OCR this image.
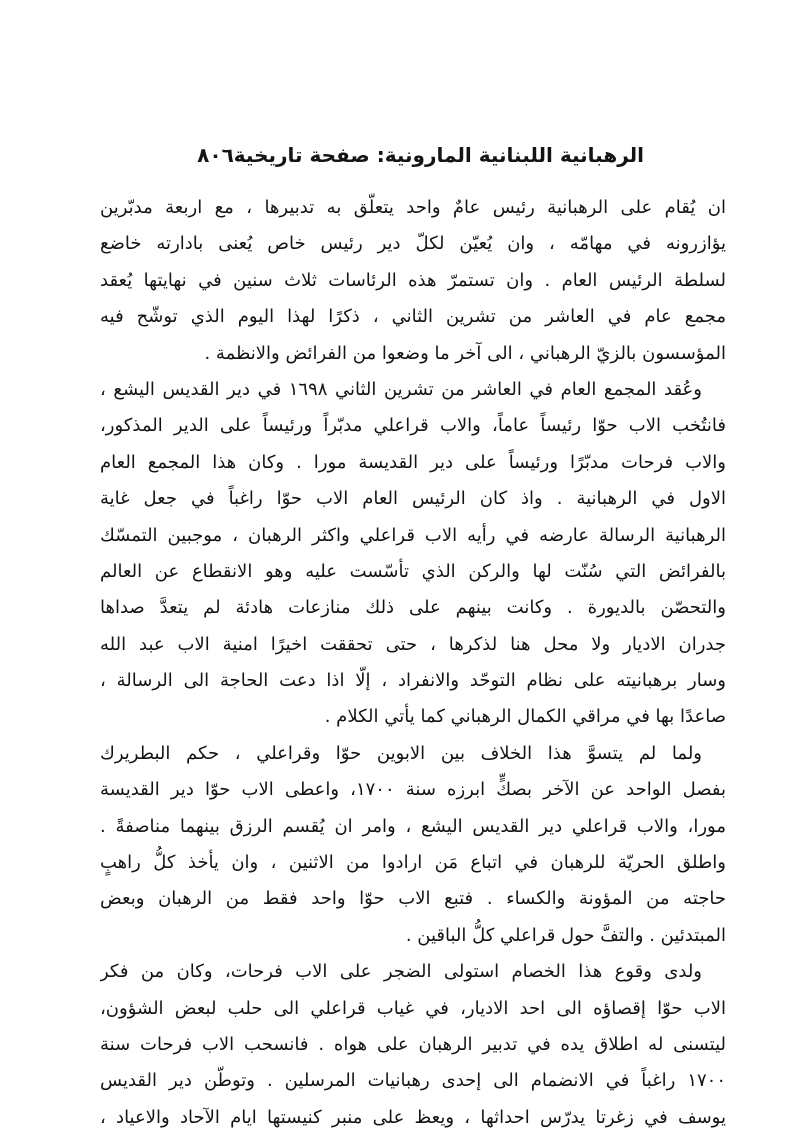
الرهبانية اللبنانية المارونية: صفحة تاريخية
٨٠٦
ان يُقام على الرهبانية رئيس عامٌ واحد يتعلّق به تدبيرها ، مع اربعة مدبّرين
يؤازرونه في مهامّه ، وان يُعيّن لكلّ دير رئيس خاص يُعنى بادارته خاضع
لسلطة الرئيس العام . وان تستمرّ هذه الرئاسات ثلاث سنين في نهايتها يُعقد
مجمع عام في العاشر من تشرين الثاني ، ذكرًا لهذا اليوم الذي توشّح فيه
المؤسسون بالزيّ الرهباني ، الى آخر ما وضعوا من الفرائض والانظمة .
وعُقد المجمع العام في العاشر من تشرين الثاني ١٦٩٨ في دير القديس اليشع ،
فانتُخب الاب حوّا رئيساً عاماً، والاب قراعلي مدبّراً ورئيساً على الدير المذكور،
والاب فرحات مدبّرًا ورئيساً على دير القديسة مورا . وكان هذا المجمع العام
الاول في الرهبانية . واذ كان الرئيس العام الاب حوّا راغباً في جعل غاية
الرهبانية الرسالة عارضه في رأيه الاب قراعلي واكثر الرهبان ، موجبين التمسّك
بالفرائض التي سُنّت لها والركن الذي تأسّست عليه وهو الانقطاع عن العالم
والتحصّن بالديورة . وكانت بينهم على ذلك منازعات هادئة لم يتعدَّ صداها
جدران الاديار ولا محل هنا لذكرها ، حتى تحققت اخيرًا امنية الاب عبد الله
وسار برهبانيته على نظام التوحّد والانفراد ، إلّا اذا دعت الحاجة الى الرسالة ،
صاعدًا بها في مراقي الكمال الرهباني كما يأتي الكلام .
ولما لم يتسوَّ هذا الخلاف بين الابوين حوّا وقراعلي ، حكم البطريرك
بفصل الواحد عن الآخر بصكٍّ ابرزه سنة ١٧٠٠، واعطى الاب حوّا دير القديسة
مورا، والاب قراعلي دير القديس اليشع ، وامر ان يُقسم الرزق بينهما مناصفةً .
واطلق الحريّة للرهبان في اتباع مَن ارادوا من الاثنين ، وان يأخذ كلُّ راهبٍ
حاجته من المؤونة والكساء . فتبع الاب حوّا واحد فقط من الرهبان وبعض
المبتدئين . والتفَّ حول قراعلي كلُّ الباقين .
ولدى وقوع هذا الخصام استولى الضجر على الاب فرحات، وكان من فكر
الاب حوّا إقصاؤه الى احد الاديار، في غياب قراعلي الى حلب لبعض الشؤون،
ليتسنى له اطلاق يده في تدبير الرهبان على هواه . فانسحب الاب فرحات سنة
١٧٠٠ راغباً في الانضمام الى إحدى رهبانيات المرسلين . وتوطّن دير القديس
يوسف في زغرتا يدرّس احداثها ، ويعظ على منبر كنيستها ايام الآحاد والاعياد ،
